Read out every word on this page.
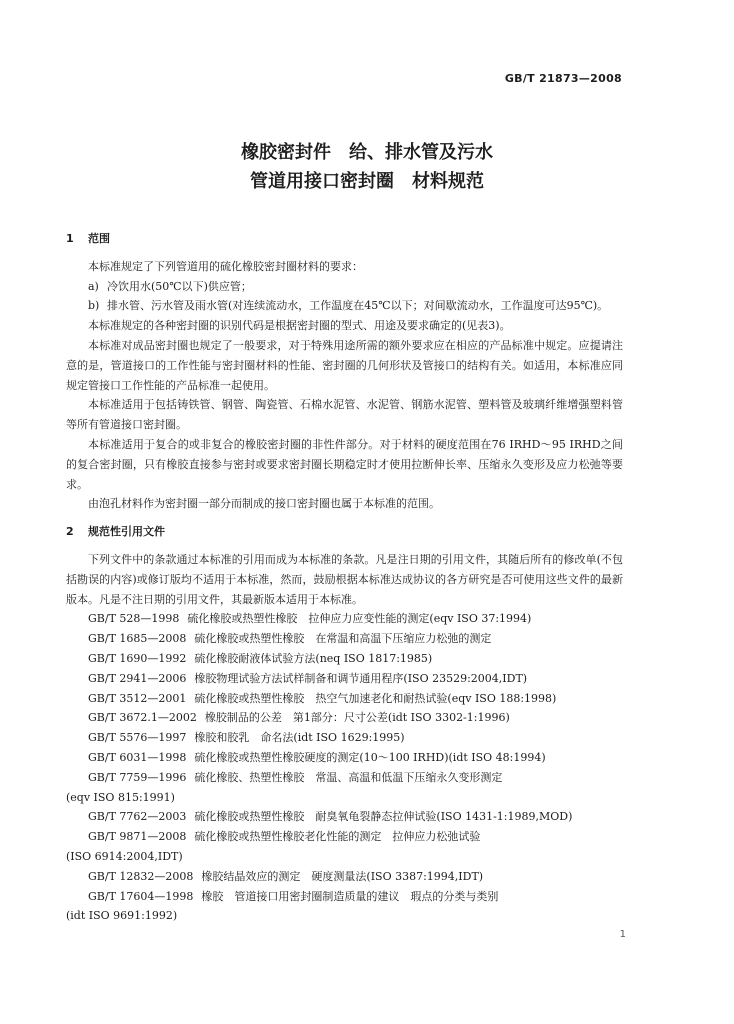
GB/T 21873—2008
橡胶密封件　给、排水管及污水
管道用接口密封圈　材料规范
1 范围

本标准规定了下列管道用的硫化橡胶密封圈材料的要求：

a) 冷饮用水(50℃以下)供应管；

b) 排水管、污水管及雨水管(对连续流动水，工作温度在45℃以下；对间歇流动水，工作温度可达95℃)。

本标准规定的各种密封圈的识别代码是根据密封圈的型式、用途及要求确定的(见表3)。

本标准对成品密封圈也规定了一般要求，对于特殊用途所需的额外要求应在相应的产品标准中规定。应提请注意的是，管道接口的工作性能与密封圈材料的性能、密封圈的几何形状及管接口的结构有关。如适用，本标准应同规定管接口工作性能的产品标准一起使用。

本标准适用于包括铸铁管、钢管、陶瓷管、石棉水泥管、水泥管、钢筋水泥管、塑料管及玻璃纤维增强塑料管等所有管道接口密封圈。

本标准适用于复合的或非复合的橡胶密封圈的非性件部分。对于材料的硬度范围在76 IRHD～95 IRHD之间的复合密封圈，只有橡胶直接参与密封或要求密封圈长期稳定时才使用拉断伸长率、压缩永久变形及应力松弛等要求。

由泡孔材料作为密封圈一部分而制成的接口密封圈也属于本标准的范围。

2 规范性引用文件

下列文件中的条款通过本标准的引用而成为本标准的条款。凡是注日期的引用文件，其随后所有的修改单(不包括勘误的内容)或修订版均不适用于本标准，然而，鼓励根据本标准达成协议的各方研究是否可使用这些文件的最新版本。凡是不注日期的引用文件，其最新版本适用于本标准。

GB/T 528—1998 硫化橡胶或热塑性橡胶　拉伸应力应变性能的测定(eqv ISO 37:1994)

GB/T 1685—2008 硫化橡胶或热塑性橡胶　在常温和高温下压缩应力松弛的测定

GB/T 1690—1992 硫化橡胶耐液体试验方法(neq ISO 1817:1985)

GB/T 2941—2006 橡胶物理试验方法试样制备和调节通用程序(ISO 23529:2004,IDT)

GB/T 3512—2001 硫化橡胶或热塑性橡胶　热空气加速老化和耐热试验(eqv ISO 188:1998)

GB/T 3672.1—2002 橡胶制品的公差　第1部分：尺寸公差(idt ISO 3302-1:1996)

GB/T 5576—1997 橡胶和胶乳　命名法(idt ISO 1629:1995)

GB/T 6031—1998 硫化橡胶或热塑性橡胶硬度的测定(10～100 IRHD)(idt ISO 48:1994)

GB/T 7759—1996 硫化橡胶、热塑性橡胶　常温、高温和低温下压缩永久变形测定

(eqv ISO 815:1991)

GB/T 7762—2003 硫化橡胶或热塑性橡胶　耐臭氧龟裂静态拉伸试验(ISO 1431-1:1989,MOD)

GB/T 9871—2008 硫化橡胶或热塑性橡胶老化性能的测定　拉伸应力松弛试验

(ISO 6914:2004,IDT)

GB/T 12832—2008 橡胶结晶效应的测定　硬度测量法(ISO 3387:1994,IDT)

GB/T 17604—1998 橡胶　管道接口用密封圈制造质量的建议　瑕点的分类与类别

(idt ISO 9691:1992)

1
